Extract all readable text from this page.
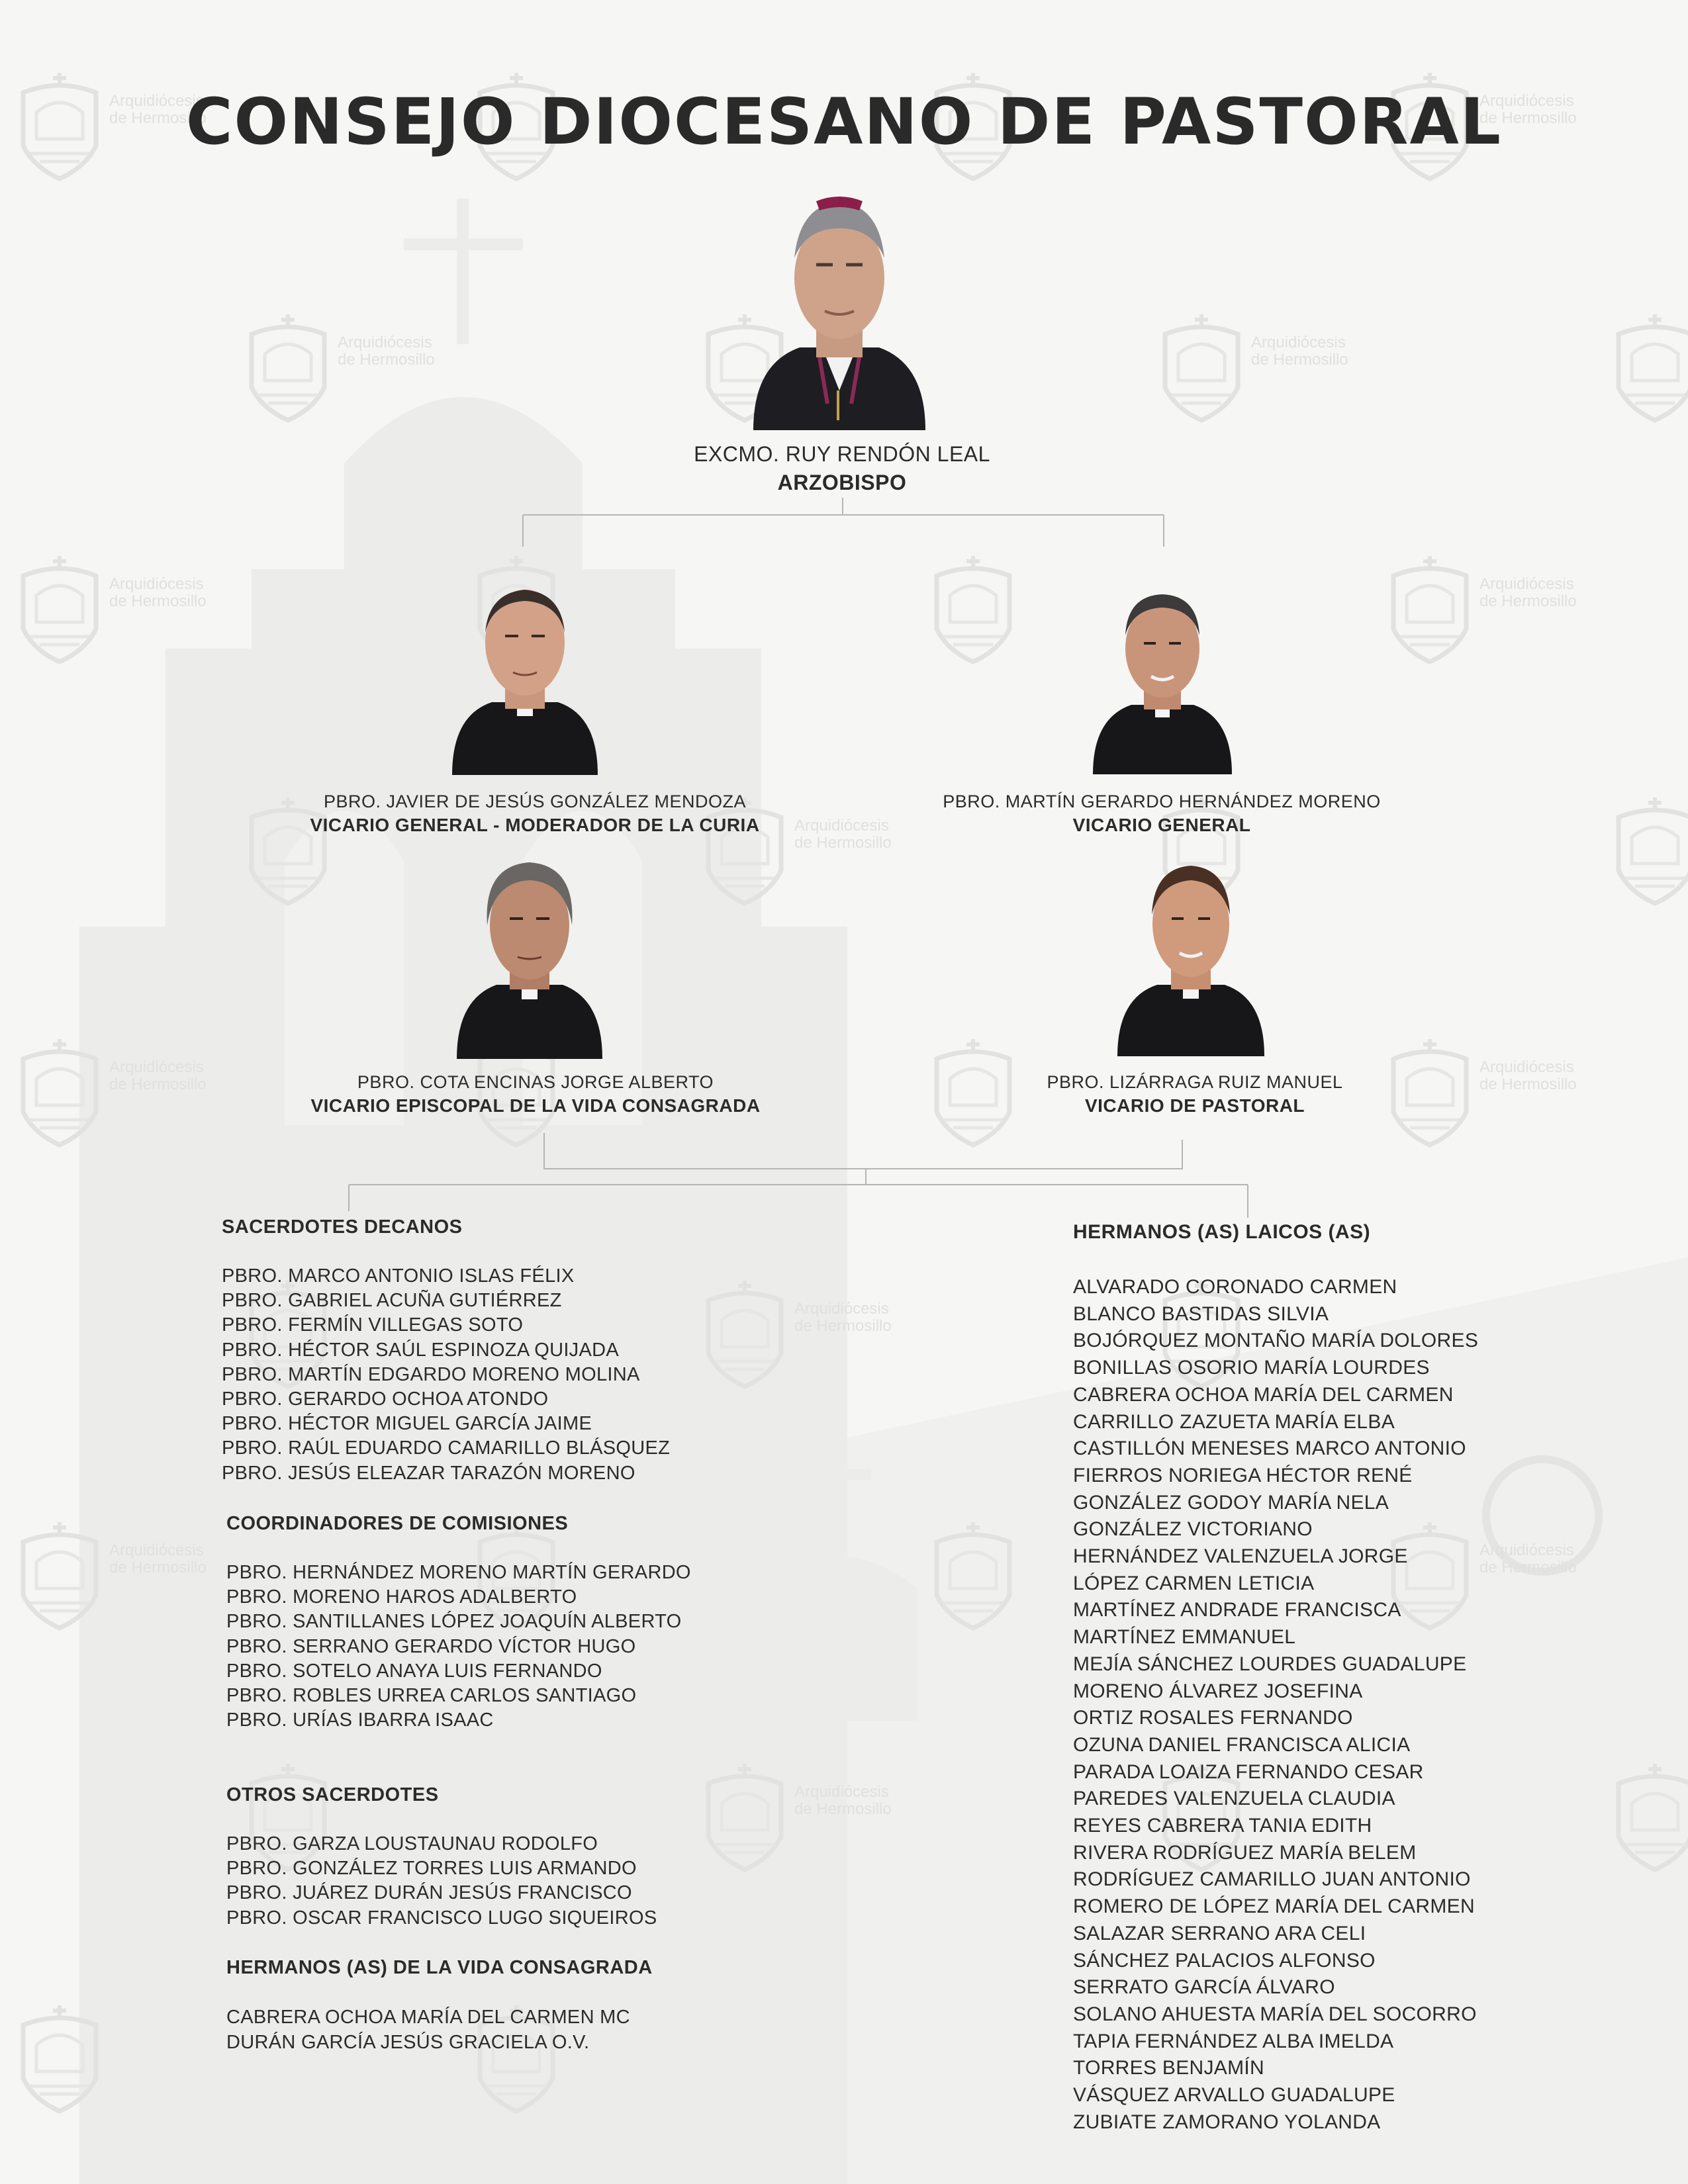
Arquidiócesis
de Hermosillo
Arquidiócesis
de Hermosillo
Arquidiócesis
de Hermosillo
Arquidiócesis
de Hermosillo
Arquidiócesis
de Hermosillo
Arquidiócesis
de Hermosillo
Arquidiócesis
de Hermosillo
Arquidiócesis
de Hermosillo
Arquidiócesis
de Hermosillo
Arquidiócesis
de Hermosillo
Arquidiócesis
de Hermosillo
Arquidiócesis
de Hermosillo
Arquidiócesis
de Hermosillo
CONSEJO DIOCESANO DE PASTORAL
EXCMO. RUY RENDÓN LEAL
ARZOBISPO
PBRO. JAVIER DE JESÚS GONZÁLEZ MENDOZA
VICARIO GENERAL - MODERADOR DE LA CURIA
PBRO. MARTÍN GERARDO HERNÁNDEZ MORENO
VICARIO GENERAL
PBRO. COTA ENCINAS JORGE ALBERTO
VICARIO EPISCOPAL DE LA VIDA CONSAGRADA
PBRO. LIZÁRRAGA RUIZ MANUEL
VICARIO DE PASTORAL
SACERDOTES DECANOS
PBRO. MARCO ANTONIO ISLAS FÉLIX
PBRO. GABRIEL ACUÑA GUTIÉRREZ
PBRO. FERMÍN VILLEGAS SOTO
PBRO. HÉCTOR SAÚL ESPINOZA QUIJADA
PBRO. MARTÍN EDGARDO MORENO MOLINA
PBRO. GERARDO OCHOA ATONDO
PBRO. HÉCTOR MIGUEL GARCÍA JAIME
PBRO. RAÚL EDUARDO CAMARILLO BLÁSQUEZ
PBRO. JESÚS ELEAZAR TARAZÓN MORENO
COORDINADORES DE COMISIONES
PBRO. HERNÁNDEZ MORENO MARTÍN GERARDO
PBRO. MORENO HAROS ADALBERTO
PBRO. SANTILLANES LÓPEZ JOAQUÍN ALBERTO
PBRO. SERRANO GERARDO VÍCTOR HUGO
PBRO. SOTELO ANAYA LUIS FERNANDO
PBRO. ROBLES URREA CARLOS SANTIAGO
PBRO. URÍAS IBARRA ISAAC
OTROS SACERDOTES
PBRO. GARZA LOUSTAUNAU RODOLFO
PBRO. GONZÁLEZ TORRES LUIS ARMANDO
PBRO. JUÁREZ DURÁN JESÚS FRANCISCO
PBRO. OSCAR FRANCISCO LUGO SIQUEIROS
HERMANOS (AS) DE LA VIDA CONSAGRADA
CABRERA OCHOA MARÍA DEL CARMEN MC
DURÁN GARCÍA JESÚS GRACIELA O.V.
HERMANOS (AS) LAICOS (AS)
ALVARADO CORONADO CARMEN
BLANCO BASTIDAS SILVIA
BOJÓRQUEZ MONTAÑO MARÍA DOLORES
BONILLAS OSORIO MARÍA LOURDES
CABRERA OCHOA MARÍA DEL CARMEN
CARRILLO ZAZUETA MARÍA ELBA
CASTILLÓN MENESES MARCO ANTONIO
FIERROS NORIEGA HÉCTOR RENÉ
GONZÁLEZ GODOY MARÍA NELA
GONZÁLEZ VICTORIANO
HERNÁNDEZ VALENZUELA JORGE
LÓPEZ CARMEN LETICIA
MARTÍNEZ ANDRADE FRANCISCA
MARTÍNEZ EMMANUEL
MEJÍA SÁNCHEZ LOURDES GUADALUPE
MORENO ÁLVAREZ JOSEFINA
ORTIZ ROSALES FERNANDO
OZUNA DANIEL FRANCISCA ALICIA
PARADA LOAIZA FERNANDO CESAR
PAREDES VALENZUELA CLAUDIA
REYES CABRERA TANIA EDITH
RIVERA RODRÍGUEZ MARÍA BELEM
RODRÍGUEZ CAMARILLO JUAN ANTONIO
ROMERO DE LÓPEZ MARÍA DEL CARMEN
SALAZAR SERRANO ARA CELI
SÁNCHEZ PALACIOS ALFONSO
SERRATO GARCÍA ÁLVARO
SOLANO AHUESTA MARÍA DEL SOCORRO
TAPIA FERNÁNDEZ ALBA IMELDA
TORRES BENJAMÍN
VÁSQUEZ ARVALLO GUADALUPE
ZUBIATE ZAMORANO YOLANDA
